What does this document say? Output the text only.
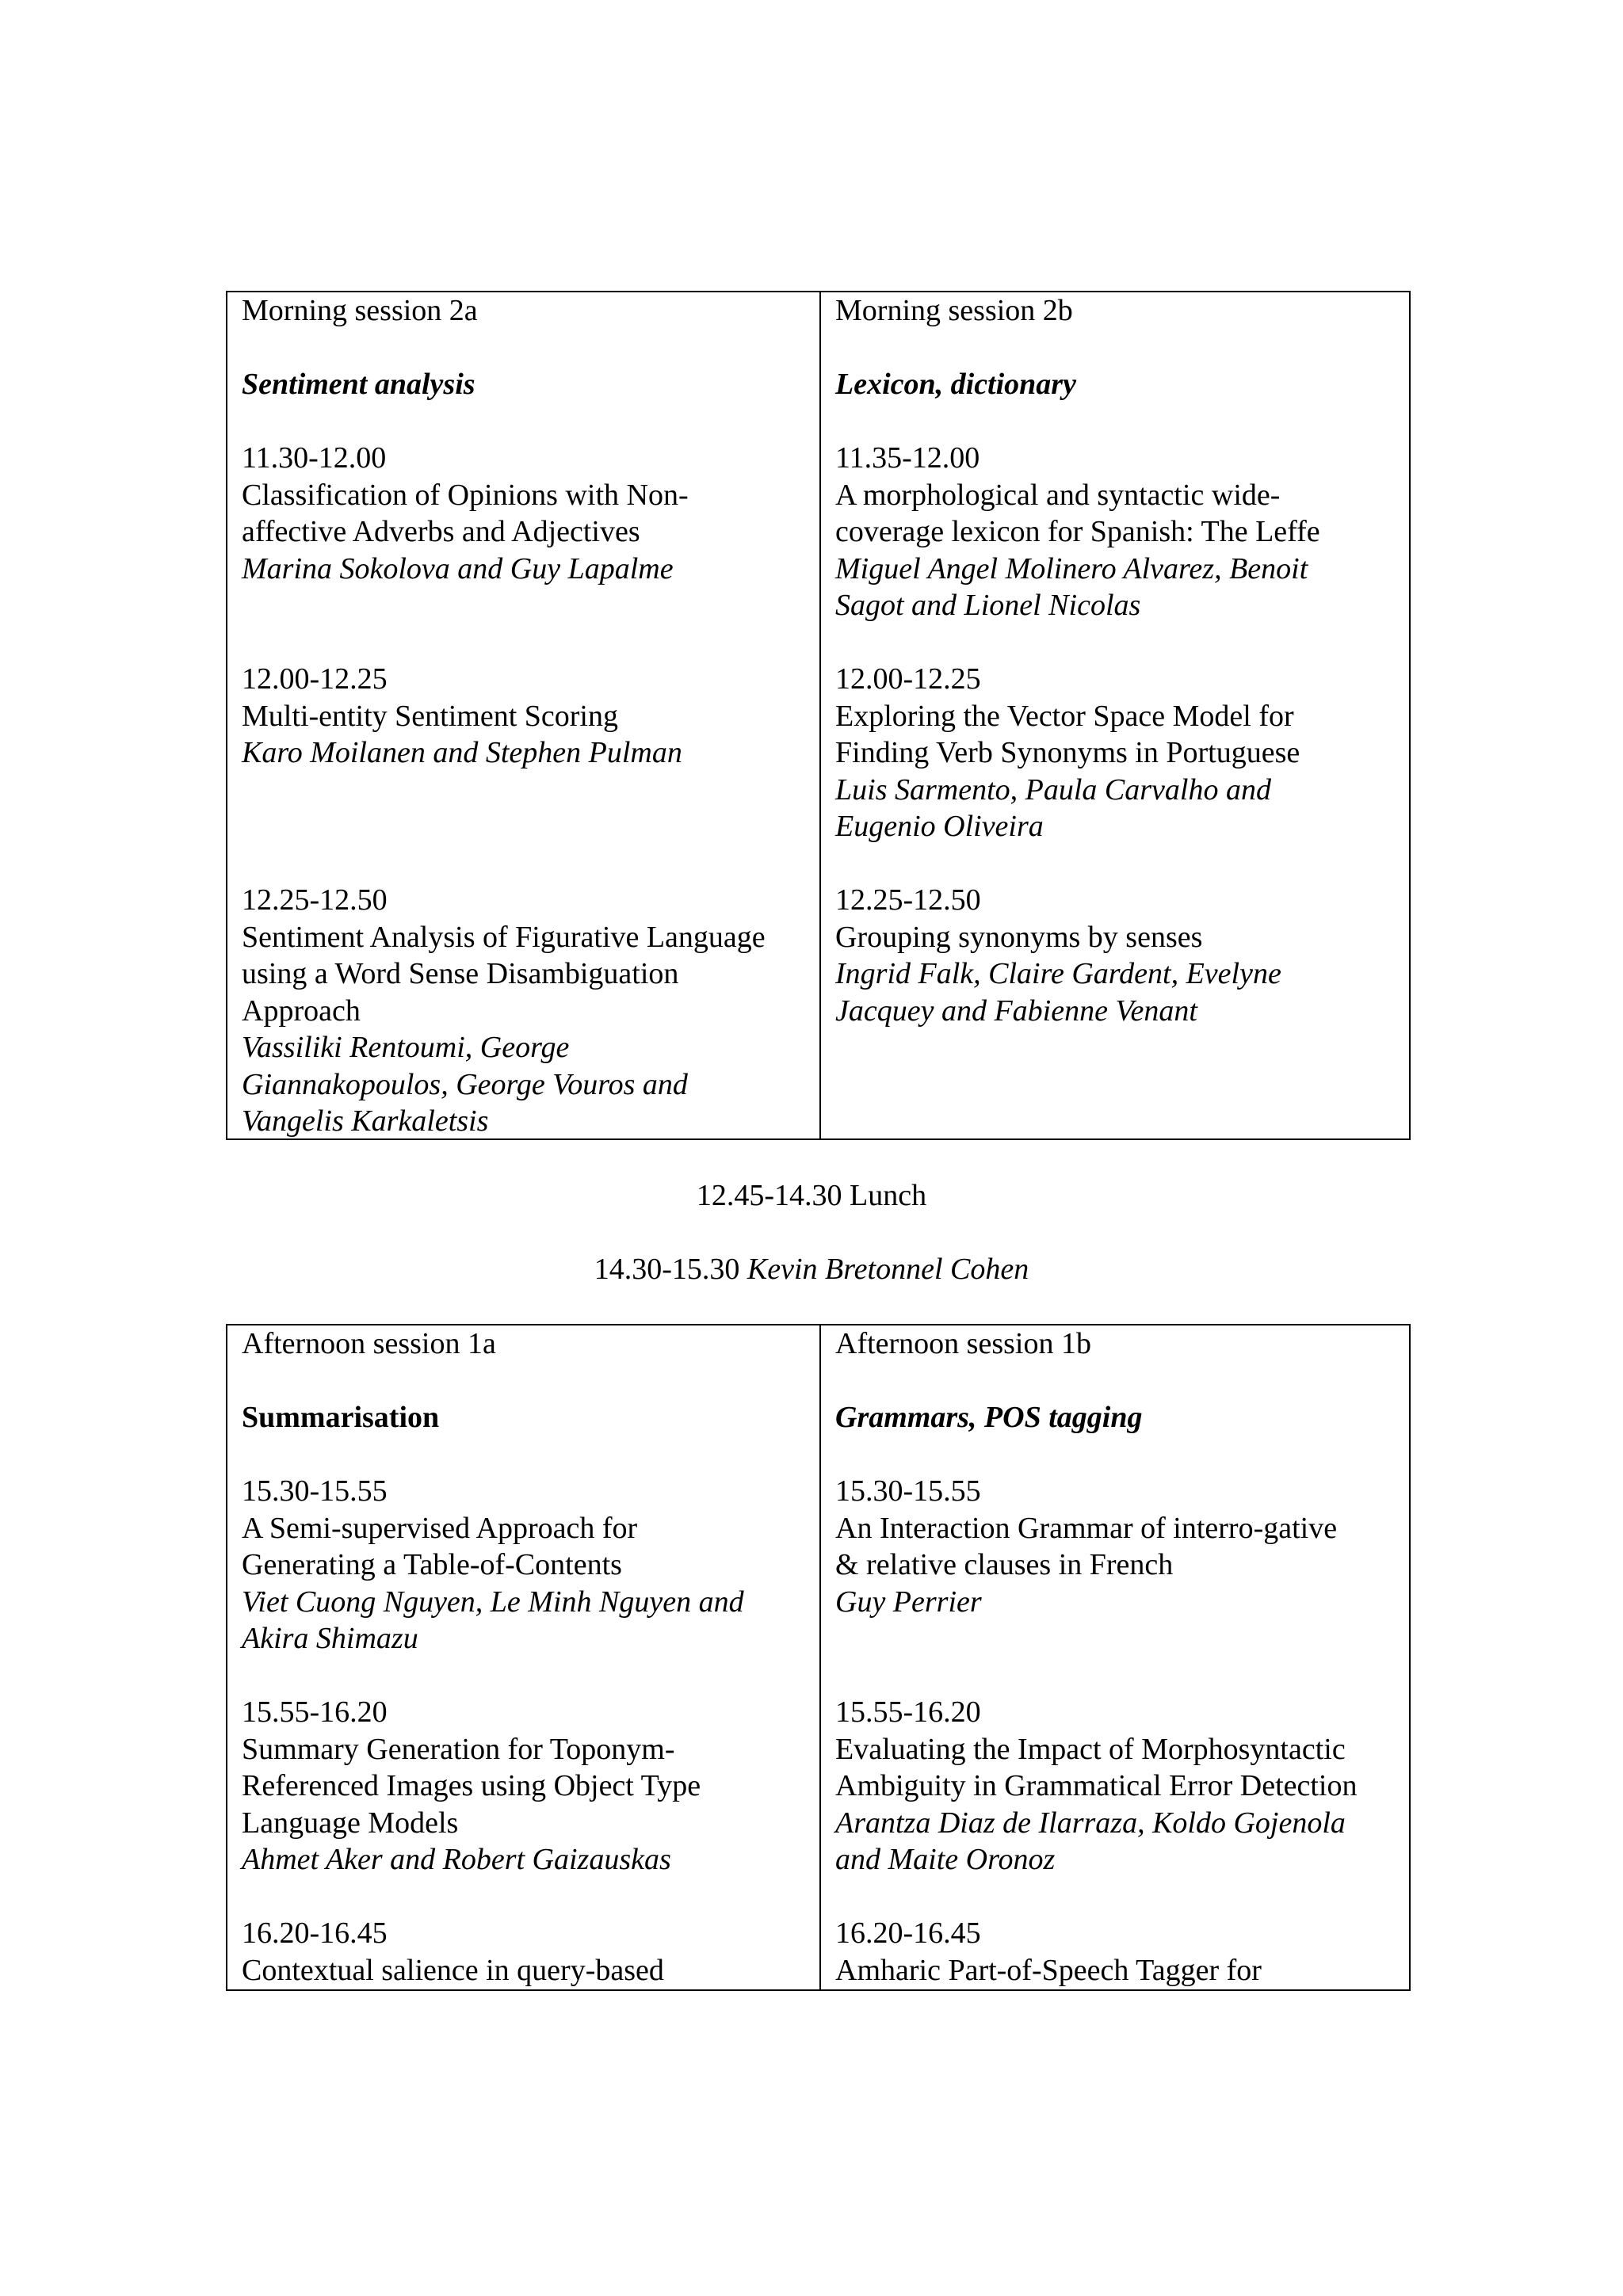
Morning session 2a
Sentiment analysis
11.30-12.00
Classification of Opinions with Non-
affective Adverbs and Adjectives
Marina Sokolova and Guy Lapalme
12.00-12.25
Multi-entity Sentiment Scoring
Karo Moilanen and Stephen Pulman
12.25-12.50
Sentiment Analysis of Figurative Language
using a Word Sense Disambiguation
Approach
Vassiliki Rentoumi, George
Giannakopoulos, George Vouros and
Vangelis Karkaletsis
Morning session 2b
Lexicon, dictionary
11.35-12.00
A morphological and syntactic wide-
coverage lexicon for Spanish: The Leffe
Miguel Angel Molinero Alvarez, Benoit
Sagot and Lionel Nicolas
12.00-12.25
Exploring the Vector Space Model for
Finding Verb Synonyms in Portuguese
Luis Sarmento, Paula Carvalho and
Eugenio Oliveira
12.25-12.50
Grouping synonyms by senses
Ingrid Falk, Claire Gardent, Evelyne
Jacquey and Fabienne Venant
12.45-14.30 Lunch
14.30-15.30 Kevin Bretonnel Cohen
Afternoon session 1a
Summarisation
15.30-15.55
A Semi-supervised Approach for
Generating a Table-of-Contents
Viet Cuong Nguyen, Le Minh Nguyen and
Akira Shimazu
15.55-16.20
Summary Generation for Toponym-
Referenced Images using Object Type
Language Models
Ahmet Aker and Robert Gaizauskas
16.20-16.45
Contextual salience in query-based
Afternoon session 1b
Grammars, POS tagging
15.30-15.55
An Interaction Grammar of interro-gative
& relative clauses in French
Guy Perrier
15.55-16.20
Evaluating the Impact of Morphosyntactic
Ambiguity in Grammatical Error Detection
Arantza Diaz de Ilarraza, Koldo Gojenola
and Maite Oronoz
16.20-16.45
Amharic Part-of-Speech Tagger for
